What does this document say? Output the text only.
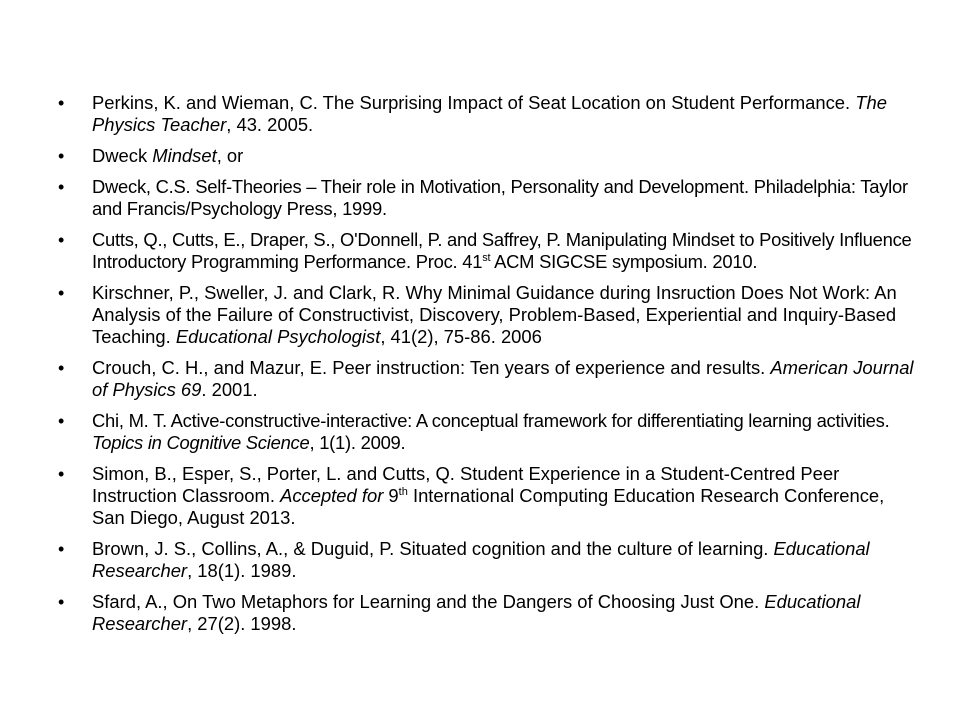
• Perkins, K. and Wieman, C. The Surprising Impact of Seat Location on Student Performance. The Physics Teacher, 43. 2005.
• Dweck Mindset, or
• Dweck, C.S. Self-Theories – Their role in Motivation, Personality and Development. Philadelphia: Taylor and Francis/Psychology Press, 1999.
• Cutts, Q., Cutts, E., Draper, S., O'Donnell, P. and Saffrey, P. Manipulating Mindset to Positively Influence Introductory Programming Performance. Proc. 41st ACM SIGCSE symposium. 2010.
• Kirschner, P., Sweller, J. and Clark, R. Why Minimal Guidance during Insruction Does Not Work: An Analysis of the Failure of Constructivist, Discovery, Problem-Based, Experiential and Inquiry-Based Teaching. Educational Psychologist, 41(2), 75-86. 2006
• Crouch, C. H., and Mazur, E. Peer instruction: Ten years of experience and results. American Journal of Physics 69. 2001.
• Chi, M. T. Active-constructive-interactive: A conceptual framework for differentiating learning activities. Topics in Cognitive Science, 1(1). 2009.
• Simon, B., Esper, S., Porter, L. and Cutts, Q. Student Experience in a Student-Centred Peer Instruction Classroom. Accepted for 9th International Computing Education Research Conference, San Diego, August 2013.
• Brown, J. S., Collins, A., & Duguid, P. Situated cognition and the culture of learning. Educational Researcher, 18(1). 1989.
• Sfard, A., On Two Metaphors for Learning and the Dangers of Choosing Just One. Educational Researcher, 27(2). 1998.
